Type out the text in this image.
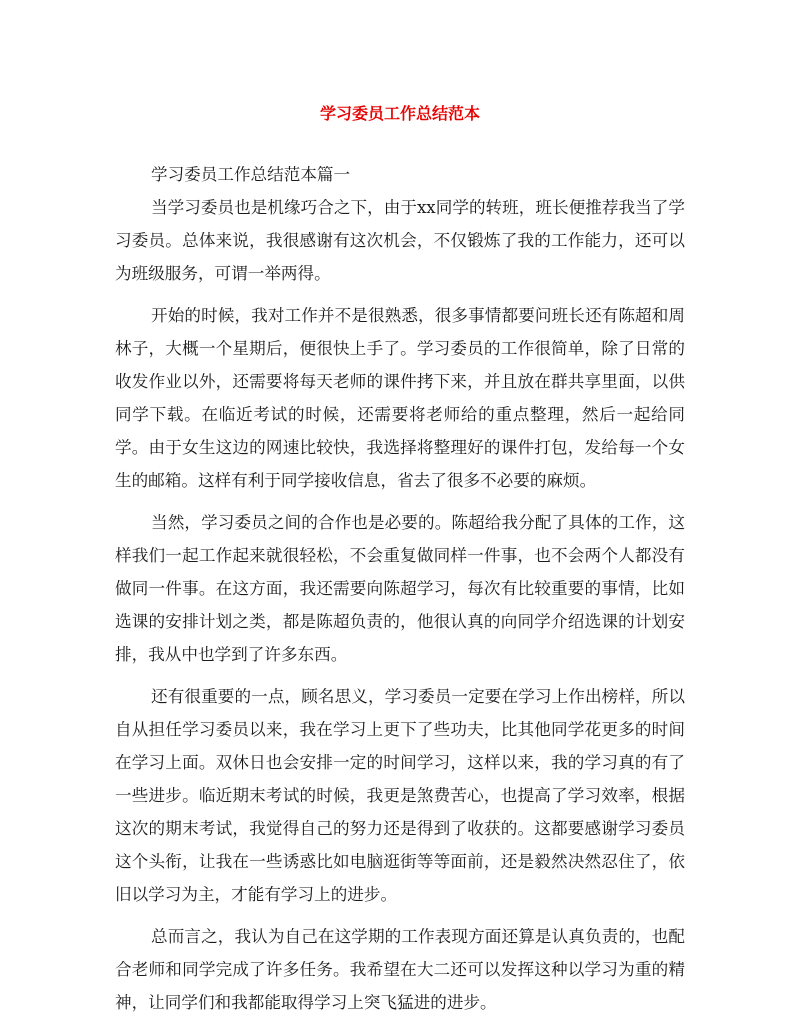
学习委员工作总结范本

学习委员工作总结范本篇一

当学习委员也是机缘巧合之下，由于xx同学的转班，班长便推荐我当了学习委员。总体来说，我很感谢有这次机会，不仅锻炼了我的工作能力，还可以为班级服务，可谓一举两得。

开始的时候，我对工作并不是很熟悉，很多事情都要问班长还有陈超和周林子，大概一个星期后，便很快上手了。学习委员的工作很简单，除了日常的收发作业以外，还需要将每天老师的课件拷下来，并且放在群共享里面，以供同学下载。在临近考试的时候，还需要将老师给的重点整理，然后一起给同学。由于女生这边的网速比较快，我选择将整理好的课件打包，发给每一个女生的邮箱。这样有利于同学接收信息，省去了很多不必要的麻烦。

当然，学习委员之间的合作也是必要的。陈超给我分配了具体的工作，这样我们一起工作起来就很轻松，不会重复做同样一件事，也不会两个人都没有做同一件事。在这方面，我还需要向陈超学习，每次有比较重要的事情，比如选课的安排计划之类，都是陈超负责的，他很认真的向同学介绍选课的计划安排，我从中也学到了许多东西。

还有很重要的一点，顾名思义，学习委员一定要在学习上作出榜样，所以自从担任学习委员以来，我在学习上更下了些功夫，比其他同学花更多的时间在学习上面。双休日也会安排一定的时间学习，这样以来，我的学习真的有了一些进步。临近期末考试的时候，我更是煞费苦心，也提高了学习效率，根据这次的期末考试，我觉得自己的努力还是得到了收获的。这都要感谢学习委员这个头衔，让我在一些诱惑比如电脑逛街等等面前，还是毅然决然忍住了，依旧以学习为主，才能有学习上的进步。

总而言之，我认为自己在这学期的工作表现方面还算是认真负责的，也配合老师和同学完成了许多任务。我希望在大二还可以发挥这种以学习为重的精神，让同学们和我都能取得学习上突飞猛进的进步。
